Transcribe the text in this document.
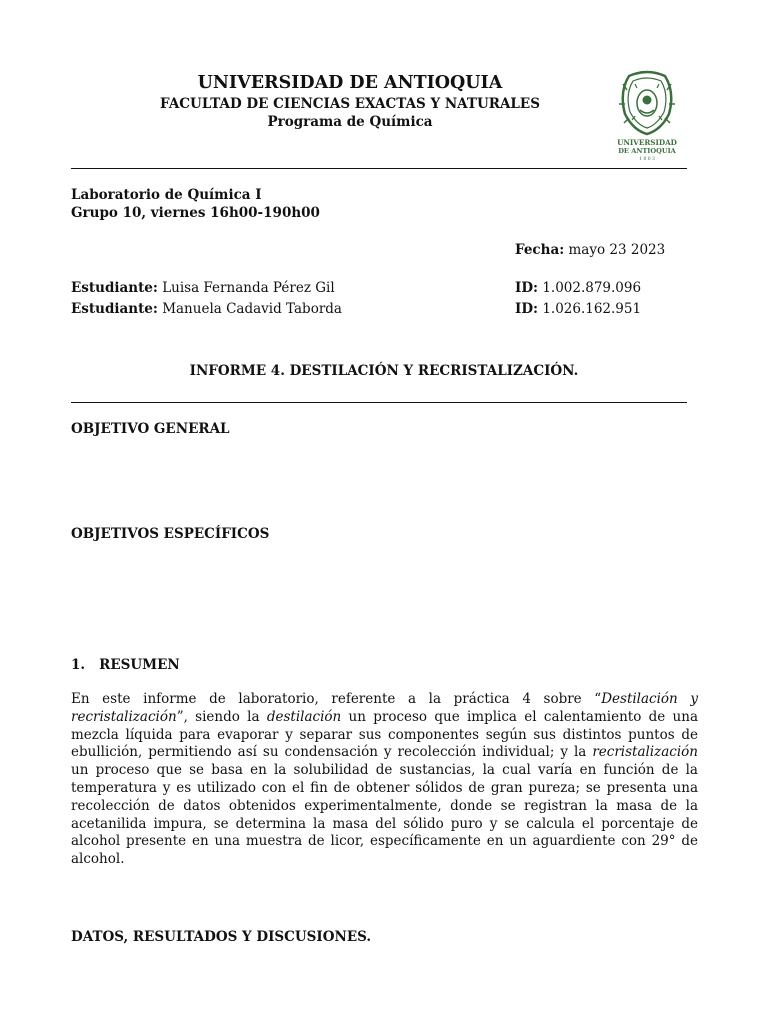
UNIVERSIDAD DE ANTIOQUIA
FACULTAD DE CIENCIAS EXACTAS Y NATURALES
Programa de Química
UNIVERSIDAD
DE ANTIOQUIA
1 8 0 3
Laboratorio de Química I
Grupo 10, viernes 16h00-190h00
Fecha: mayo 23 2023
Estudiante: Luisa Fernanda Pérez Gil	ID: 1.002.879.096
Estudiante: Manuela Cadavid Taborda	ID: 1.026.162.951
INFORME 4. DESTILACIÓN Y RECRISTALIZACIÓN.
OBJETIVO GENERAL
OBJETIVOS ESPECÍFICOS
1. RESUMEN
En este informe de laboratorio, referente a la práctica 4 sobre “Destilación y recristalización”, siendo la destilación un proceso que implica el calentamiento de una mezcla líquida para evaporar y separar sus componentes según sus distintos puntos de ebullición, permitiendo así su condensación y recolección individual; y la recristalización un proceso que se basa en la solubilidad de sustancias, la cual varía en función de la temperatura y es utilizado con el fin de obtener sólidos de gran pureza; se presenta una recolección de datos obtenidos experimentalmente, donde se registran la masa de la acetanilida impura, se determina la masa del sólido puro y se calcula el porcentaje de alcohol presente en una muestra de licor, específicamente en un aguardiente con 29° de alcohol.
DATOS, RESULTADOS Y DISCUSIONES.
